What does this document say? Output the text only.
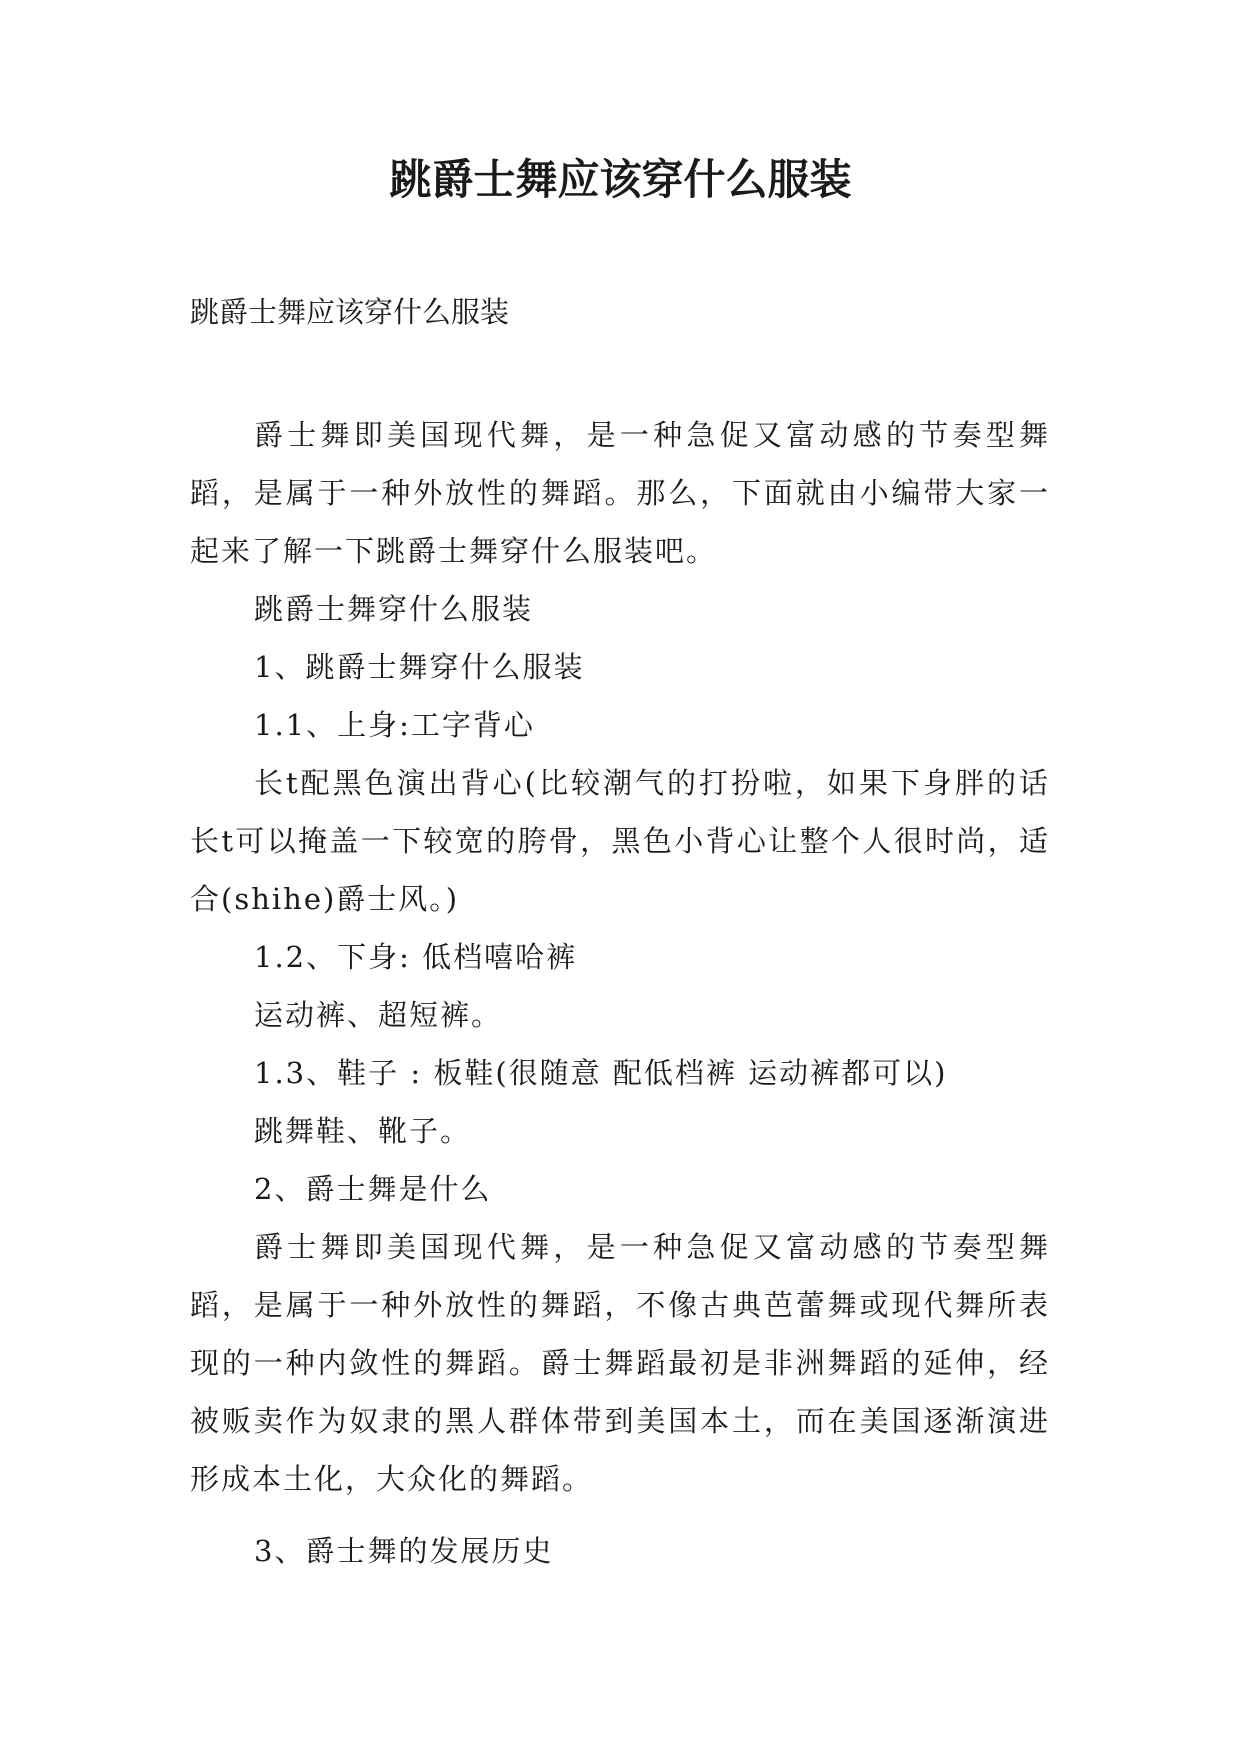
跳爵士舞应该穿什么服装

跳爵士舞应该穿什么服装

爵士舞即美国现代舞，是一种急促又富动感的节奏型舞蹈，是属于一种外放性的舞蹈。那么，下面就由小编带大家一起来了解一下跳爵士舞穿什么服装吧。

跳爵士舞穿什么服装

1、跳爵士舞穿什么服装

1.1、上身:工字背心

长t配黑色演出背心(比较潮气的打扮啦，如果下身胖的话长t可以掩盖一下较宽的胯骨，黑色小背心让整个人很时尚，适合(shihe)爵士风。)

1.2、下身: 低档嘻哈裤

运动裤、超短裤。

1.3、鞋子 : 板鞋(很随意 配低档裤 运动裤都可以)

跳舞鞋、靴子。

2、爵士舞是什么

爵士舞即美国现代舞，是一种急促又富动感的节奏型舞蹈，是属于一种外放性的舞蹈，不像古典芭蕾舞或现代舞所表现的一种内敛性的舞蹈。爵士舞蹈最初是非洲舞蹈的延伸，经被贩卖作为奴隶的黑人群体带到美国本土，而在美国逐渐演进形成本土化，大众化的舞蹈。

3、爵士舞的发展历史
